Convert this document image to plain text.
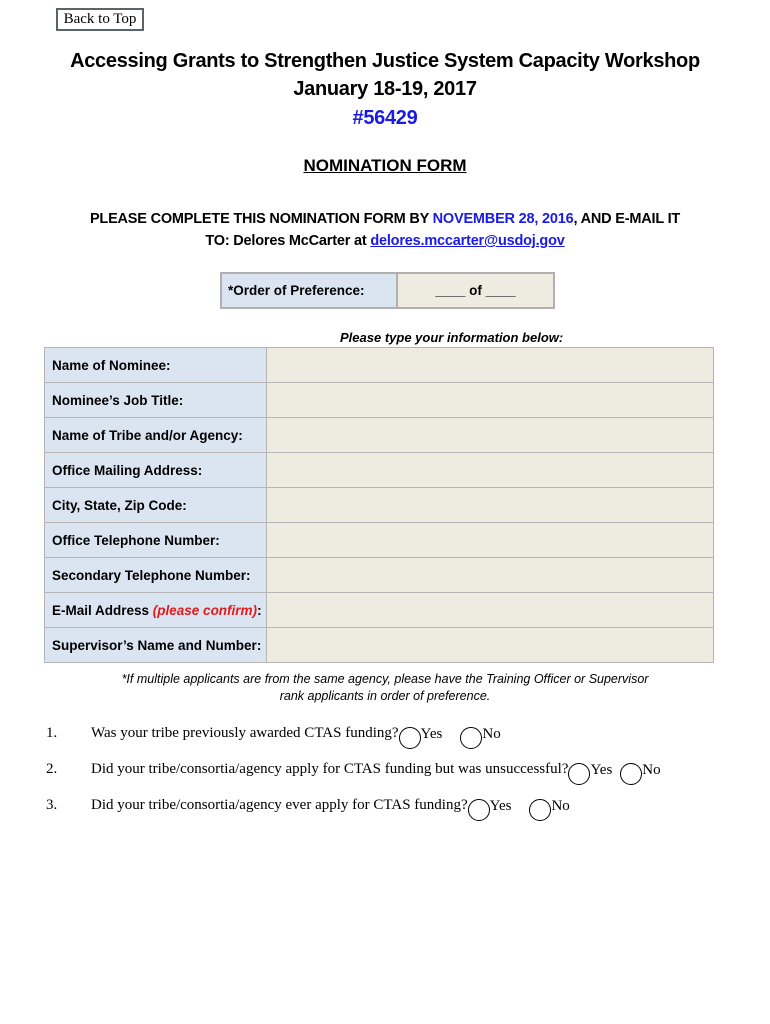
Back to Top
Accessing Grants to Strengthen Justice System Capacity Workshop
January 18-19, 2017
#56429
NOMINATION FORM
PLEASE COMPLETE THIS NOMINATION FORM BY NOVEMBER 28, 2016, AND E-MAIL IT
TO: Delores McCarter at delores.mccarter@usdoj.gov
*Order of Preference:	____ of ____
Please type your information below:
Name of Nominee:	
Nominee’s Job Title:	
Name of Tribe and/or Agency:	
Office Mailing Address:	
City, State, Zip Code:	
Office Telephone Number:	
Secondary Telephone Number:	
E-Mail Address (please confirm):	
Supervisor’s Name and Number:	
*If multiple applicants are from the same agency, please have the Training Officer or Supervisor
rank applicants in order of preference.
1.	Was your tribe previously awarded CTAS funding? Yes	No
2.	Did your tribe/consortia/agency apply for CTAS funding but was unsuccessful? Yes No
3.	Did your tribe/consortia/agency ever apply for CTAS funding? Yes	No
